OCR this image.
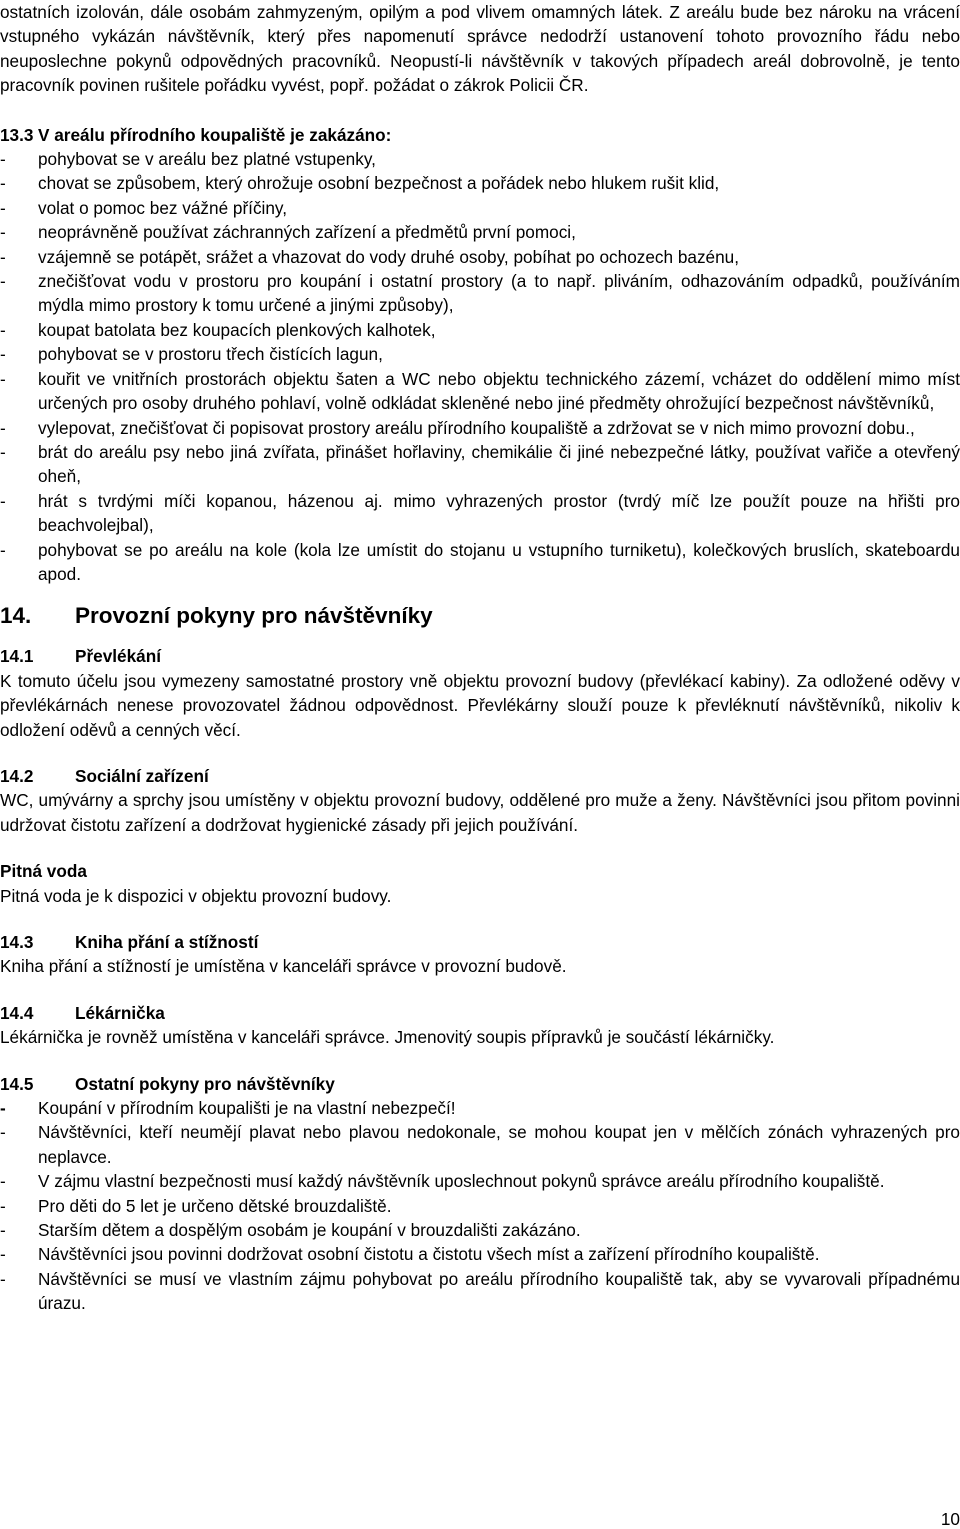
ostatních izolován, dále osobám zahmyzeným, opilým a pod vlivem omamných látek. Z areálu bude bez nároku na vrácení vstupného vykázán návštěvník, který přes napomenutí správce nedodrží ustanovení tohoto provozního řádu nebo neuposlechne pokynů odpovědných pracovníků. Neopustí-li návštěvník v takových případech areál dobrovolně, je tento pracovník povinen rušitele pořádku vyvést, popř. požádat o zákrok Policii ČR.

13.3 V areálu přírodního koupaliště je zakázáno:

- pohybovat se v areálu bez platné vstupenky,
- chovat se způsobem, který ohrožuje osobní bezpečnost a pořádek nebo hlukem rušit klid,
- volat o pomoc bez vážné příčiny,
- neoprávněně používat záchranných zařízení a předmětů první pomoci,
- vzájemně se potápět, srážet a vhazovat do vody druhé osoby, pobíhat po ochozech bazénu,
- znečišťovat vodu v prostoru pro koupání i ostatní prostory (a to např. pliváním, odhazováním odpadků, používáním mýdla mimo prostory k tomu určené a jinými způsoby),
- koupat batolata bez koupacích plenkových kalhotek,
- pohybovat se v prostoru třech čistících lagun,
- kouřit ve vnitřních prostorách objektu šaten a WC nebo objektu technického zázemí, vcházet do oddělení mimo míst určených pro osoby druhého pohlaví, volně odkládat skleněné nebo jiné předměty ohrožující bezpečnost návštěvníků,
- vylepovat, znečišťovat či popisovat prostory areálu přírodního koupaliště a zdržovat se v nich mimo provozní dobu.,
- brát do areálu psy nebo jiná zvířata, přinášet hořlaviny, chemikálie či jiné nebezpečné látky, používat vařiče a otevřený oheň,
- hrát s tvrdými míči kopanou, házenou aj. mimo vyhrazených prostor (tvrdý míč lze použít pouze na hřišti pro beachvolejbal),
- pohybovat se po areálu na kole (kola lze umístit do stojanu u vstupního turniketu), kolečkových bruslích, skateboardu apod.

14. Provozní pokyny pro návštěvníky

14.1 Převlékání

K tomuto účelu jsou vymezeny samostatné prostory vně objektu provozní budovy (převlékací kabiny). Za odložené oděvy v převlékárnách nenese provozovatel žádnou odpovědnost. Převlékárny slouží pouze k převléknutí návštěvníků, nikoliv k odložení oděvů a cenných věcí.

14.2 Sociální zařízení

WC, umývárny a sprchy jsou umístěny v objektu provozní budovy, oddělené pro muže a ženy. Návštěvníci jsou přitom povinni udržovat čistotu zařízení a dodržovat hygienické zásady při jejich používání.

Pitná voda

Pitná voda je k dispozici v objektu provozní budovy.

14.3 Kniha přání a stížností

Kniha přání a stížností je umístěna v kanceláři správce v provozní budově.

14.4 Lékárnička

Lékárnička je rovněž umístěna v kanceláři správce. Jmenovitý soupis přípravků je součástí lékárničky.

14.5 Ostatní pokyny pro návštěvníky

- Koupání v přírodním koupališti je na vlastní nebezpečí!
- Návštěvníci, kteří neumějí plavat nebo plavou nedokonale, se mohou koupat jen v mělčích zónách vyhrazených pro neplavce.
- V zájmu vlastní bezpečnosti musí každý návštěvník uposlechnout pokynů správce areálu přírodního koupaliště.
- Pro děti do 5 let je určeno dětské brouzdaliště.
- Starším dětem a dospělým osobám je koupání v brouzdališti zakázáno.
- Návštěvníci jsou povinni dodržovat osobní čistotu a čistotu všech míst a zařízení přírodního koupaliště.
- Návštěvníci se musí ve vlastním zájmu pohybovat po areálu přírodního koupaliště tak, aby se vyvarovali případnému úrazu.
10
